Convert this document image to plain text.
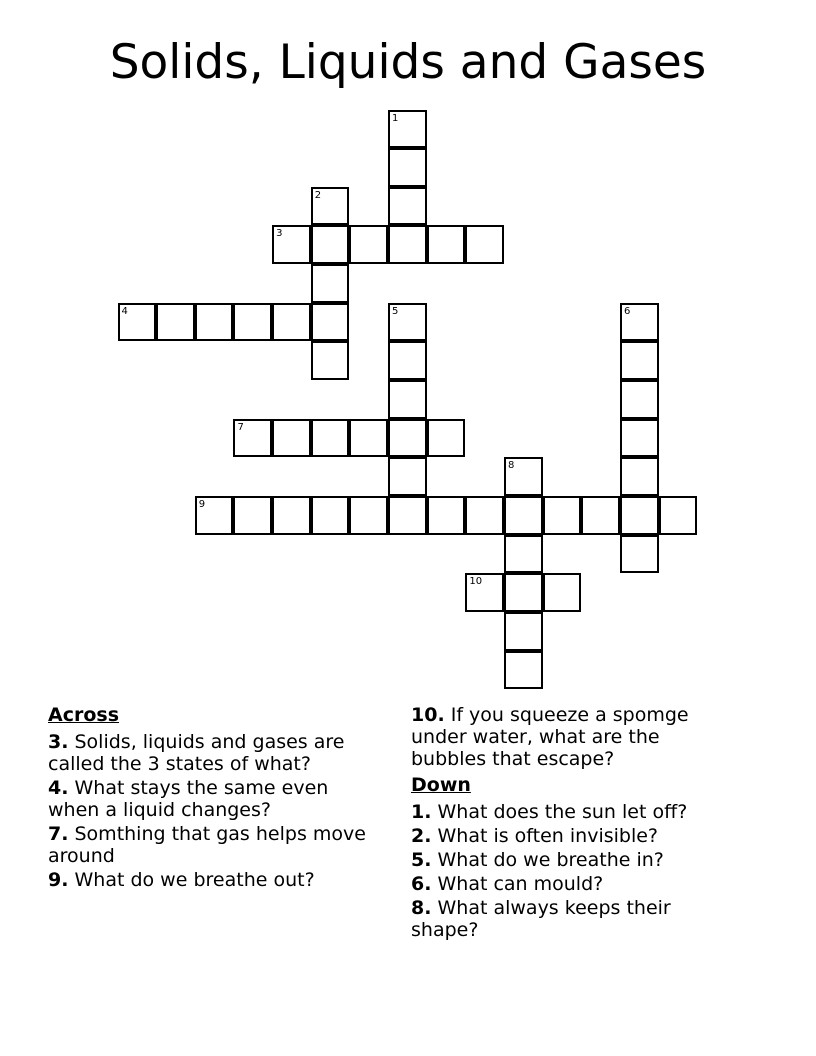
Solids, Liquids and Gases
1
2
3
4	5	6
7
8
9
10
Across
3. Solids, liquids and gases are called the 3 states of what?
4. What stays the same even when a liquid changes?
7. Somthing that gas helps move around
9. What do we breathe out?
10. If you squeeze a spomge under water, what are the bubbles that escape?
Down
1. What does the sun let off?
2. What is often invisible?
5. What do we breathe in?
6. What can mould?
8. What always keeps their shape?
